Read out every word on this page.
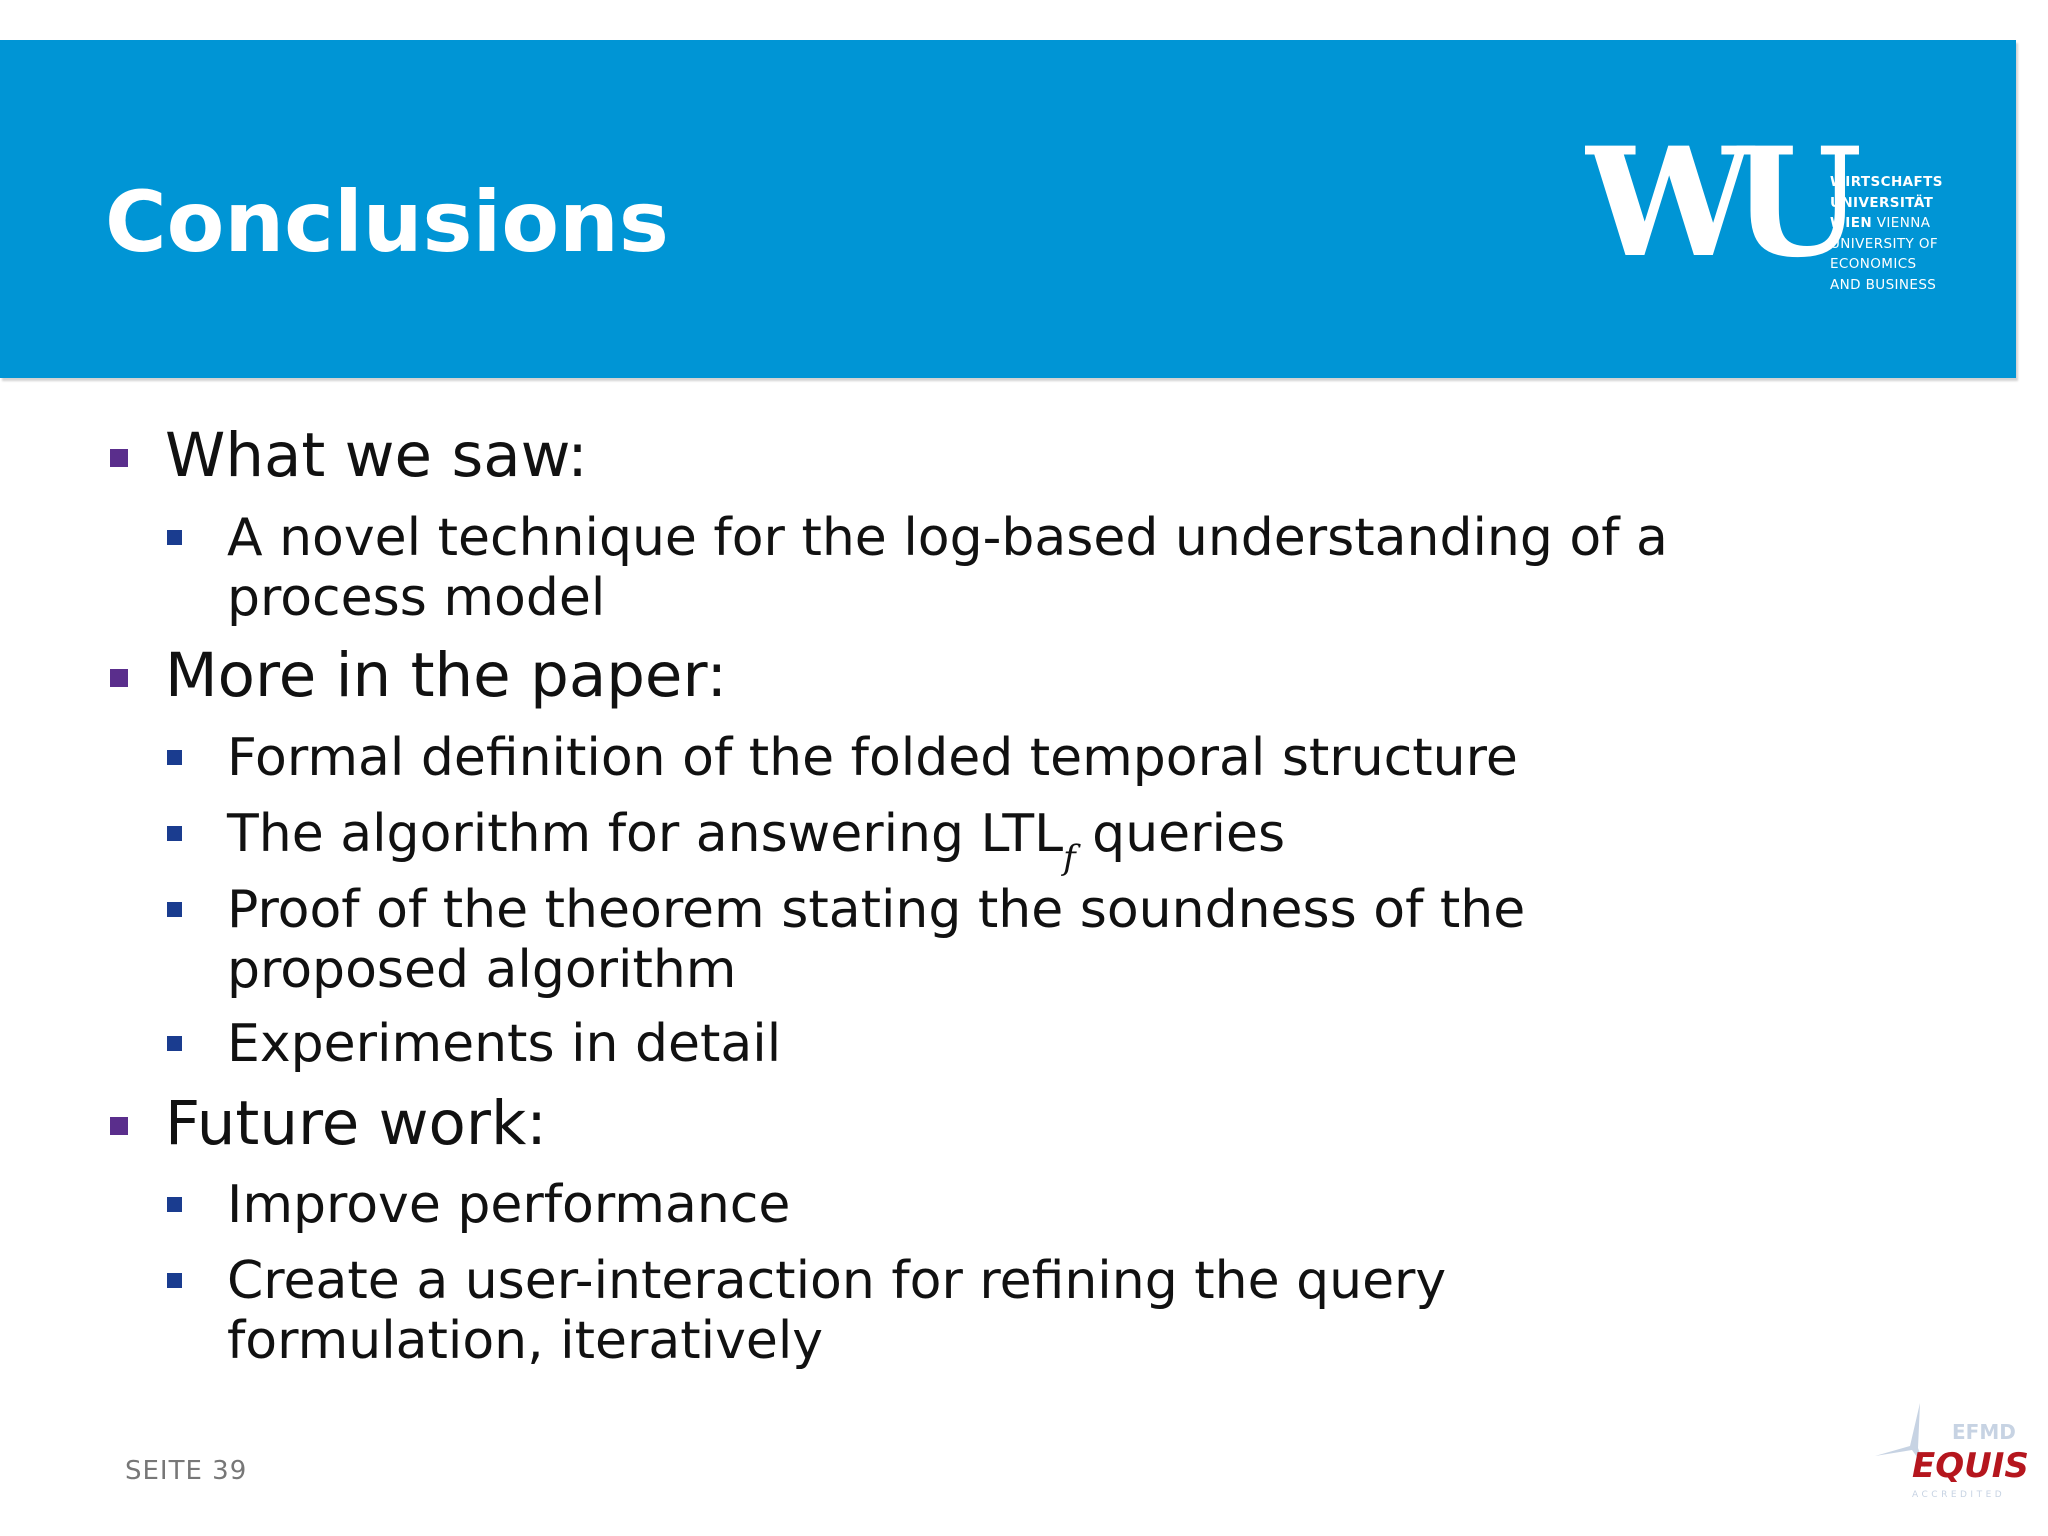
WU
Conclusions	WIRTSCHAFTS
UNIVERSITÄT
WIEN VIENNA
UNIVERSITY OF
ECONOMICS
AND BUSINESS
What we saw:
A novel technique for the log-based understanding of a
process model
More in the paper:
Formal definition of the folded temporal structure
The algorithm for answering $LTL_f$ queries
Proof of the theorem stating the soundness of the
proposed algorithm
Experiments in detail
Future work:
Improve performance
Create a user-interaction for refining the query
formulation, iteratively
SEITE 39
EFMD
EQUIS
ACCREDITED
